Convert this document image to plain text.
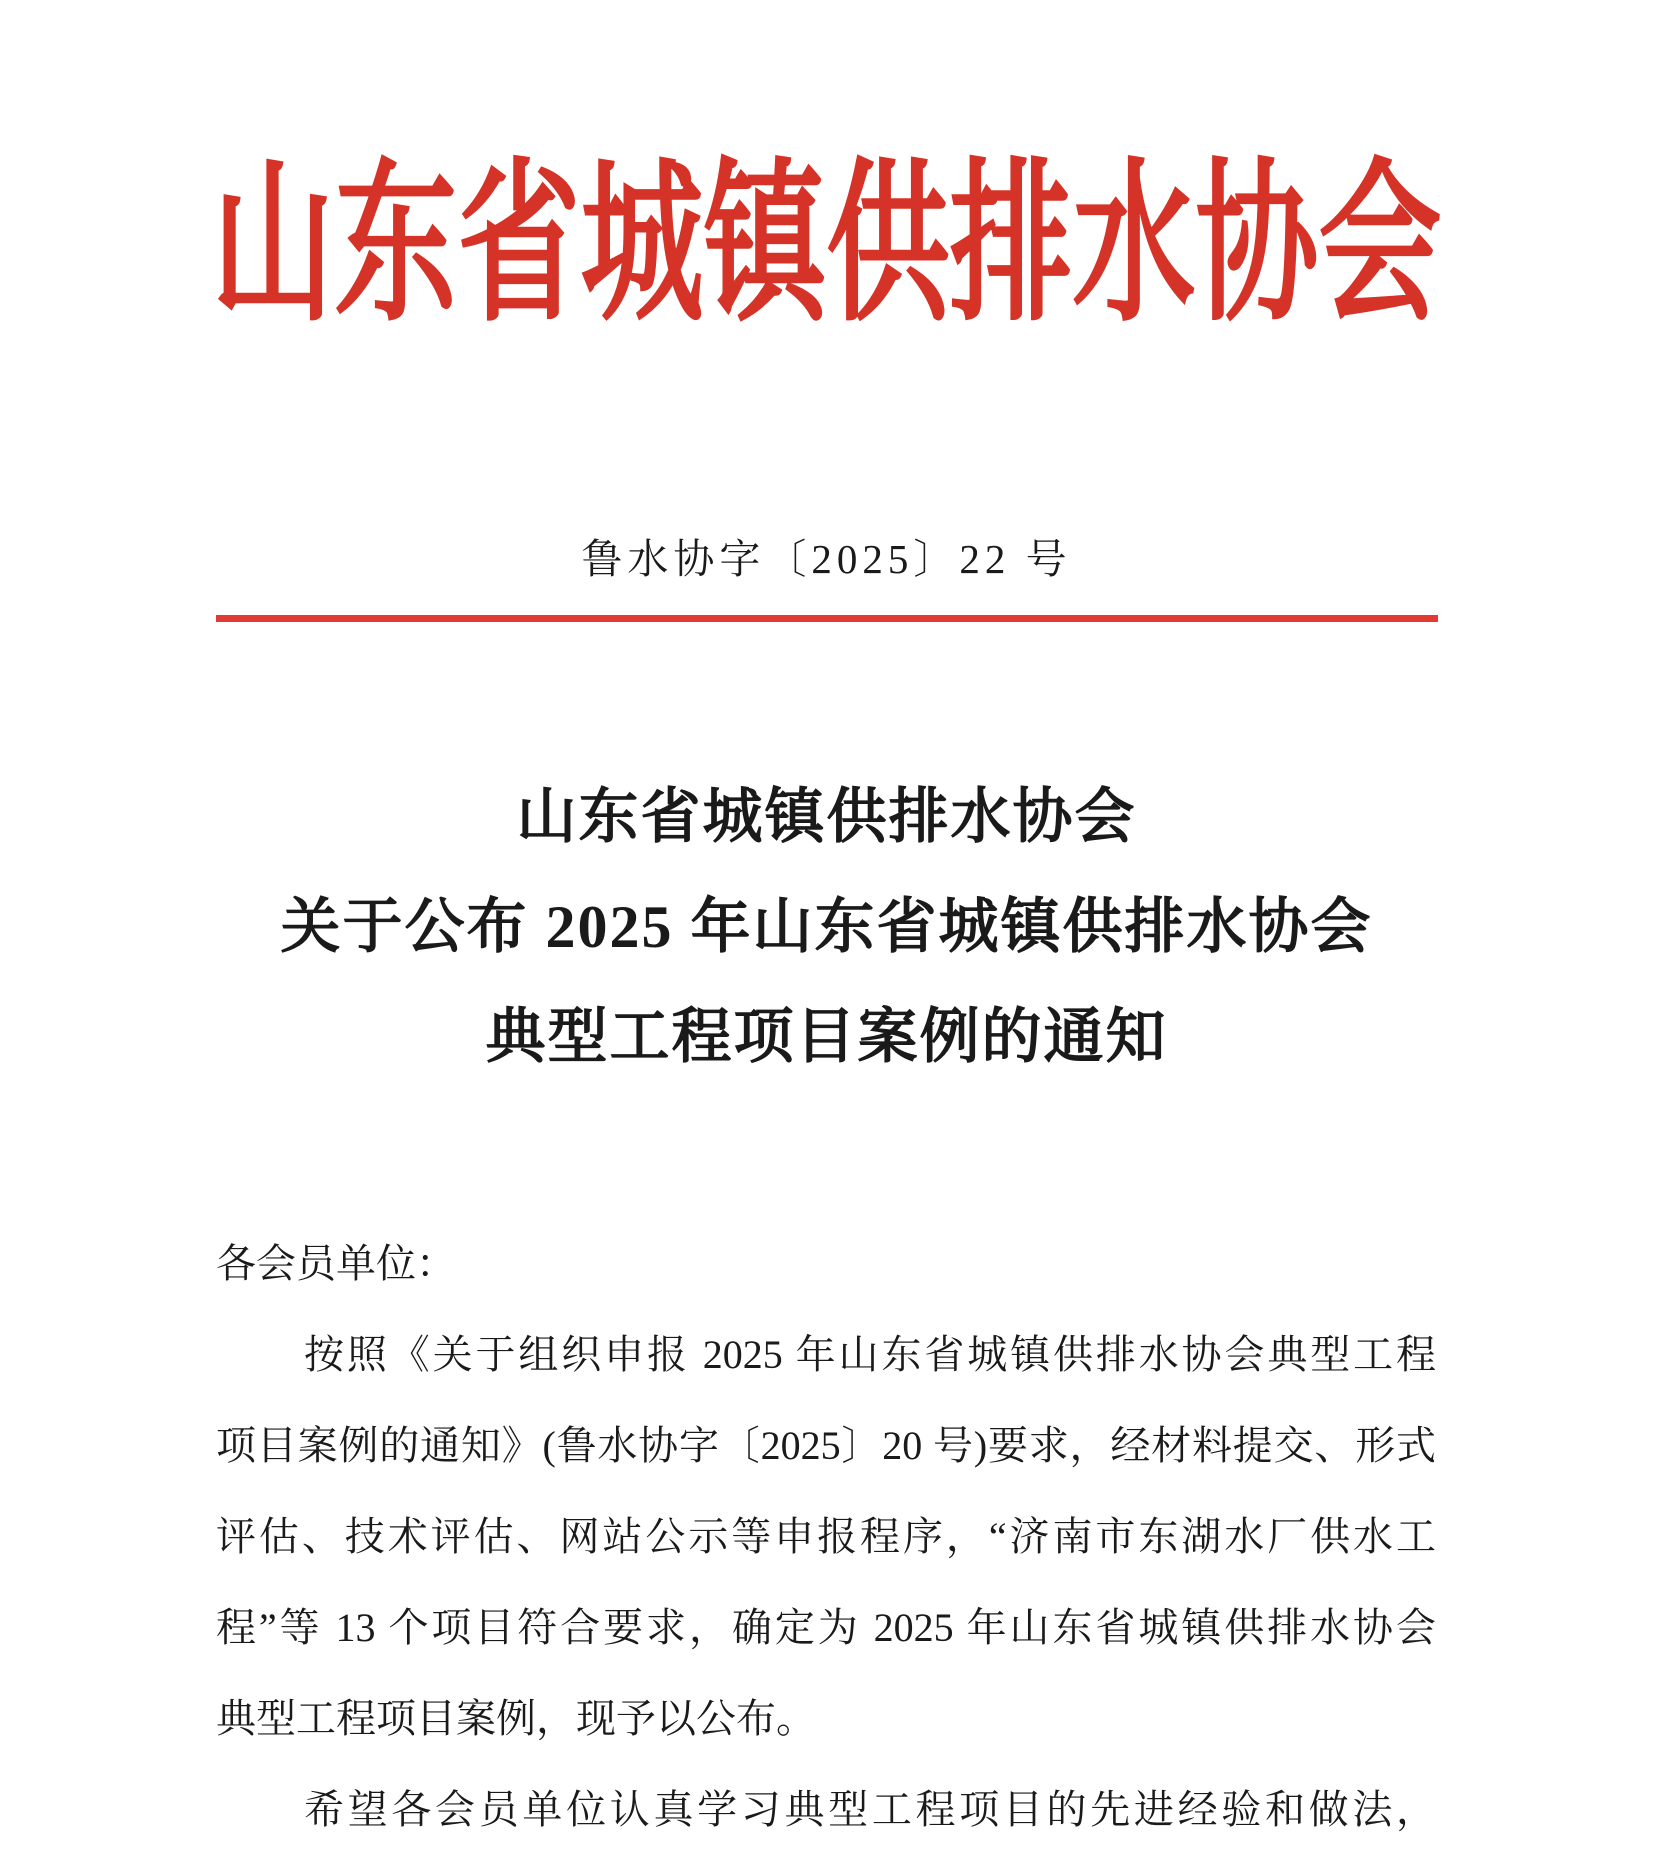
山东省城镇供排水协会
鲁水协字〔2025〕22 号
山东省城镇供排水协会
关于公布 2025 年山东省城镇供排水协会
典型工程项目案例的通知
各会员单位：
按照《关于组织申报 2025 年山东省城镇供排水协会典型工程
项目案例的通知》(鲁水协字〔2025〕20 号)要求，经材料提交、形式
评估、技术评估、网站公示等申报程序，“济南市东湖水厂供水工
程”等 13 个项目符合要求，确定为 2025 年山东省城镇供排水协会
典型工程项目案例，现予以公布。
希望各会员单位认真学习典型工程项目的先进经验和做法，
